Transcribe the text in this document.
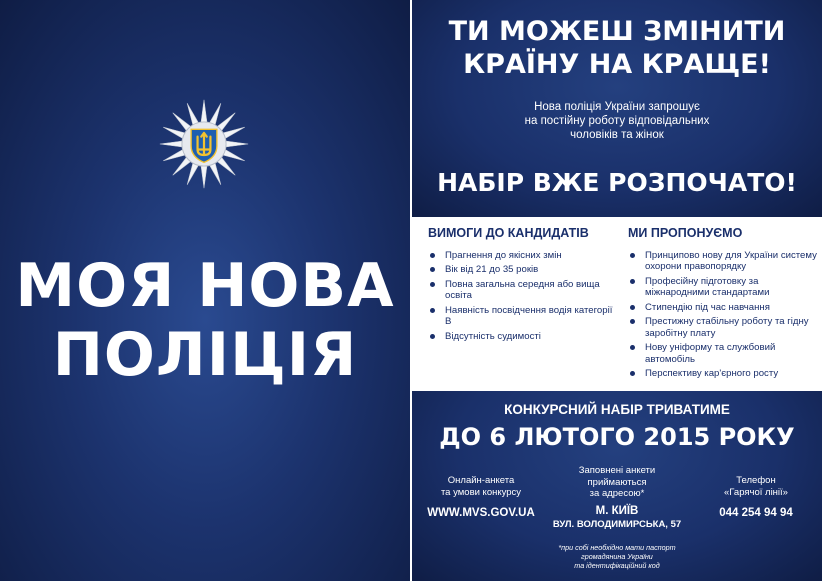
МОЯ НОВА
ПОЛІЦІЯ
ТИ МОЖЕШ ЗМІНИТИ
КРАЇНУ НА КРАЩЕ!
Нова поліція України запрошує
на постійну роботу відповідальних
чоловіків та жінок
НАБІР ВЖЕ РОЗПОЧАТО!
ВИМОГИ ДО КАНДИДАТІВ
Прагнення до якісних змін
Вік від 21 до 35 років
Повна загальна середня або вища освіта
Наявність посвідчення водія категорії В
Відсутність судимості
МИ ПРОПОНУЄМО
Принципово нову для України систему охорони правопорядку
Професійну підготовку за міжнародними стандартами
Стипендію під час навчання
Престижну стабільну роботу та гідну заробітну плату
Нову уніформу та службовий автомобіль
Перспективу кар'єрного росту
КОНКУРСНИЙ НАБІР ТРИВАТИМЕ
ДО 6 ЛЮТОГО 2015 РОКУ
Онлайн-анкета
та умови конкурсу
WWW.MVS.GOV.UA
Заповнені анкети
приймаються
за адресою*
М. КИЇВ
ВУЛ. ВОЛОДИМИРСЬКА, 57
Телефон
«Гарячої лінії»
044 254 94 94
*при собі необхідно мати паспорт
громадянина України
та ідентифікаційний код
